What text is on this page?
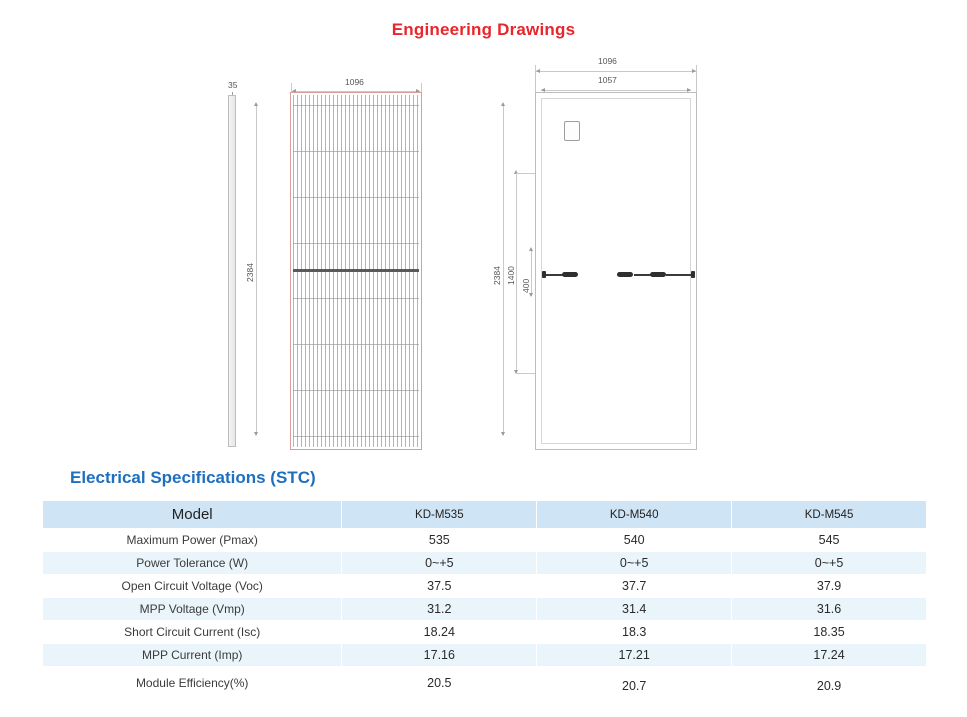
Engineering Drawings
35	1096
2384
1096
1057
2384 1400
400
Electrical Specifications (STC)
Model	KD-M535	KD-M540	KD-M545
Maximum Power (Pmax)	535	540	545
Power Tolerance (W)	0~+5	0~+5	0~+5
Open Circuit Voltage (Voc)	37.5	37.7	37.9
MPP Voltage (Vmp)	31.2	31.4	31.6
Short Circuit Current (Isc)	18.24	18.3	18.35
MPP Current (Imp)	17.16	17.21	17.24
Module Efficiency(%)	20.5	20.7	20.9
